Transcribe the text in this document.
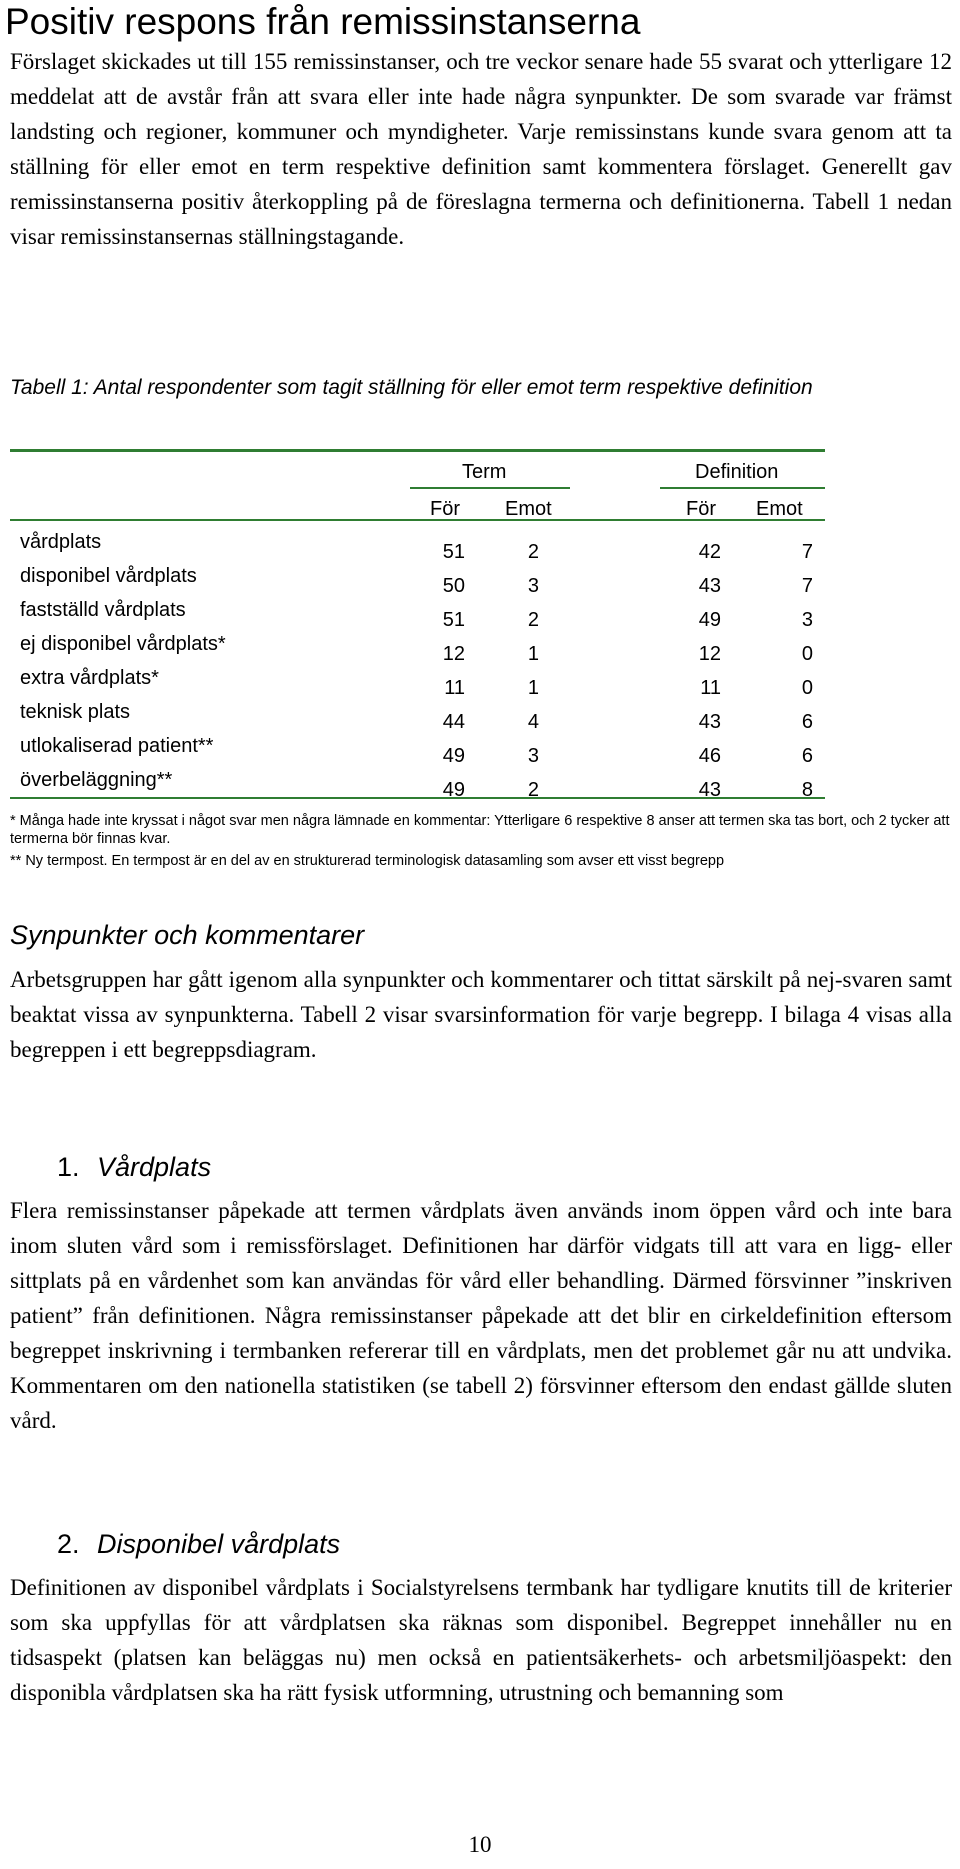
Positiv respons från remissinstanserna

Förslaget skickades ut till 155 remissinstanser, och tre veckor senare hade 55 svarat och ytterligare 12 meddelat att de avstår från att svara eller inte hade några synpunkter. De som svarade var främst landsting och regioner, kommuner och myndigheter. Varje remissinstans kunde svara genom att ta ställning för eller emot en term respektive definition samt kommentera förslaget. Generellt gav remissinstanserna positiv återkoppling på de föreslagna termerna och definitionerna. Tabell 1 nedan visar remissinstansernas ställningstagande.

Tabell 1: Antal respondenter som tagit ställning för eller emot term respektive definition

Term	Definition
För Emot	För Emot
vårdplats	51	2	42	7
disponibel vårdplats	50	3	43	7
fastställd vårdplats	51	2	49	3
ej disponibel vårdplats*	12	1	12	0
extra vårdplats*	11	1	11	0
teknisk plats	44	4	43	6
utlokaliserad patient**	49	3	46	6
överbeläggning**	49	2	43	8

* Många hade inte kryssat i något svar men några lämnade en kommentar: Ytterligare 6 respektive 8 anser att termen ska tas bort, och 2 tycker att termerna bör finnas kvar.

** Ny termpost. En termpost är en del av en strukturerad terminologisk datasamling som avser ett visst begrepp

Synpunkter och kommentarer

Arbetsgruppen har gått igenom alla synpunkter och kommentarer och tittat särskilt på nej-svaren samt beaktat vissa av synpunkterna. Tabell 2 visar svarsinformation för varje begrepp. I bilaga 4 visas alla begreppen i ett begreppsdiagram.

1. Vårdplats

Flera remissinstanser påpekade att termen vårdplats även används inom öppen vård och inte bara inom sluten vård som i remissförslaget. Definitionen har därför vidgats till att vara en ligg- eller sittplats på en vårdenhet som kan användas för vård eller behandling. Därmed försvinner ”inskriven patient” från definitionen. Några remissinstanser påpekade att det blir en cirkeldefinition eftersom begreppet inskrivning i termbanken refererar till en vårdplats, men det problemet går nu att undvika. Kommentaren om den nationella statistiken (se tabell 2) försvinner eftersom den endast gällde sluten vård.

2. Disponibel vårdplats

Definitionen av disponibel vårdplats i Socialstyrelsens termbank har tydligare knutits till de kriterier som ska uppfyllas för att vårdplatsen ska räknas som disponibel. Begreppet innehåller nu en tidsaspekt (platsen kan beläggas nu) men också en patientsäkerhets- och arbetsmiljöaspekt: den disponibla vårdplatsen ska ha rätt fysisk utformning, utrustning och bemanning som

10
